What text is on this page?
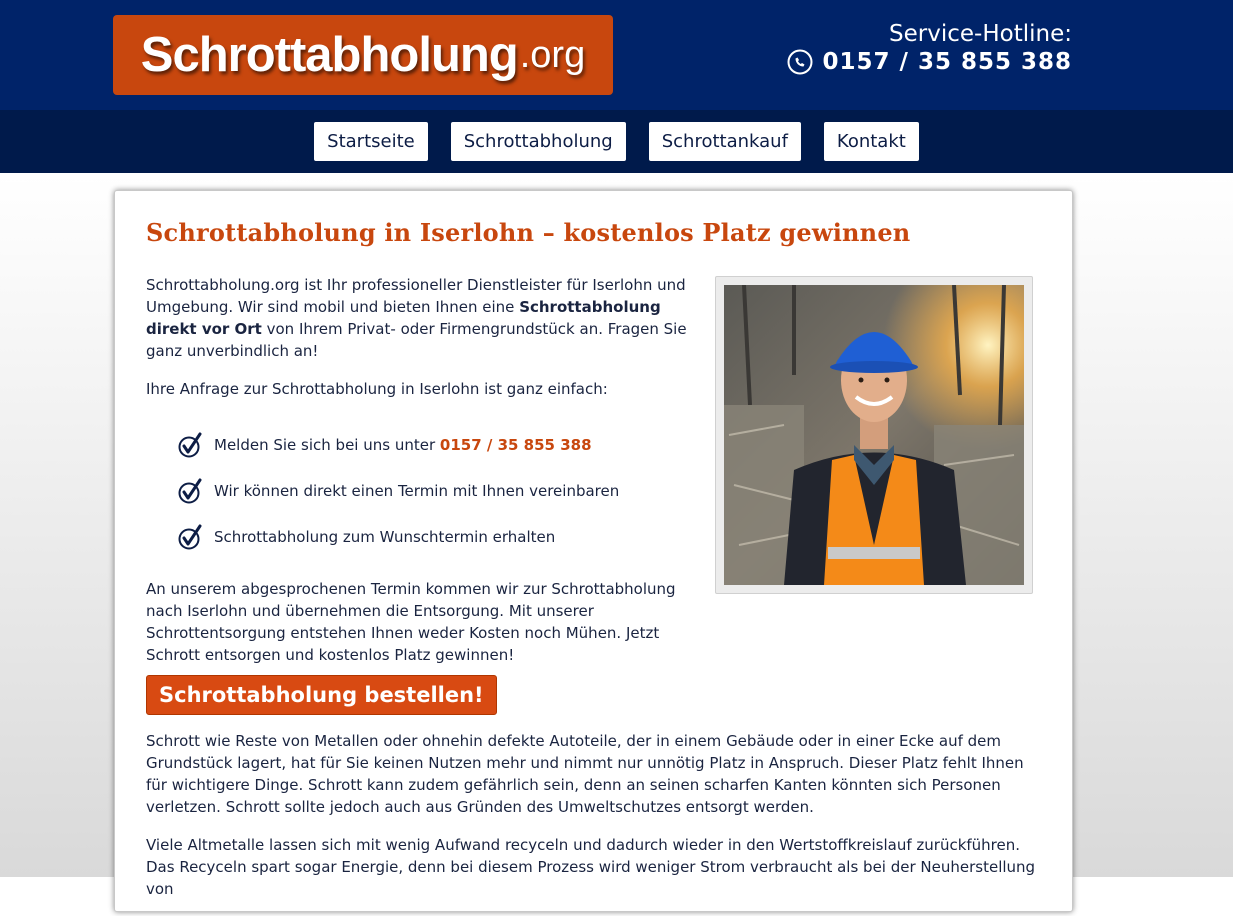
Schrottabholung .org	Service-Hotline:
0157 / 35 855 388
Startseite	Schrottabholung	Schrottankauf	Kontakt
Schrottabholung in Iserlohn – kostenlos Platz gewinnen

Schrottabholung.org ist Ihr professioneller Dienstleister für Iserlohn und Umgebung. Wir sind mobil und bieten Ihnen eine Schrottabholung direkt vor Ort von Ihrem Privat- oder Firmengrundstück an. Fragen Sie ganz unverbindlich an!

Ihre Anfrage zur Schrottabholung in Iserlohn ist ganz einfach:

Melden Sie sich bei uns unter 0157 / 35 855 388
Wir können direkt einen Termin mit Ihnen vereinbaren
Schrottabholung zum Wunschtermin erhalten

An unserem abgesprochenen Termin kommen wir zur Schrottabholung nach Iserlohn und übernehmen die Entsorgung. Mit unserer Schrottentsorgung entstehen Ihnen weder Kosten noch Mühen. Jetzt Schrott entsorgen und kostenlos Platz gewinnen!

Schrottabholung bestellen!

Schrott wie Reste von Metallen oder ohnehin defekte Autoteile, der in einem Gebäude oder in einer Ecke auf dem Grundstück lagert, hat für Sie keinen Nutzen mehr und nimmt nur unnötig Platz in Anspruch. Dieser Platz fehlt Ihnen für wichtigere Dinge. Schrott kann zudem gefährlich sein, denn an seinen scharfen Kanten könnten sich Personen verletzen. Schrott sollte jedoch auch aus Gründen des Umweltschutzes entsorgt werden.

Viele Altmetalle lassen sich mit wenig Aufwand recyceln und dadurch wieder in den Wertstoffkreislauf zurückführen. Das Recyceln spart sogar Energie, denn bei diesem Prozess wird weniger Strom verbraucht als bei der Neuherstellung von
